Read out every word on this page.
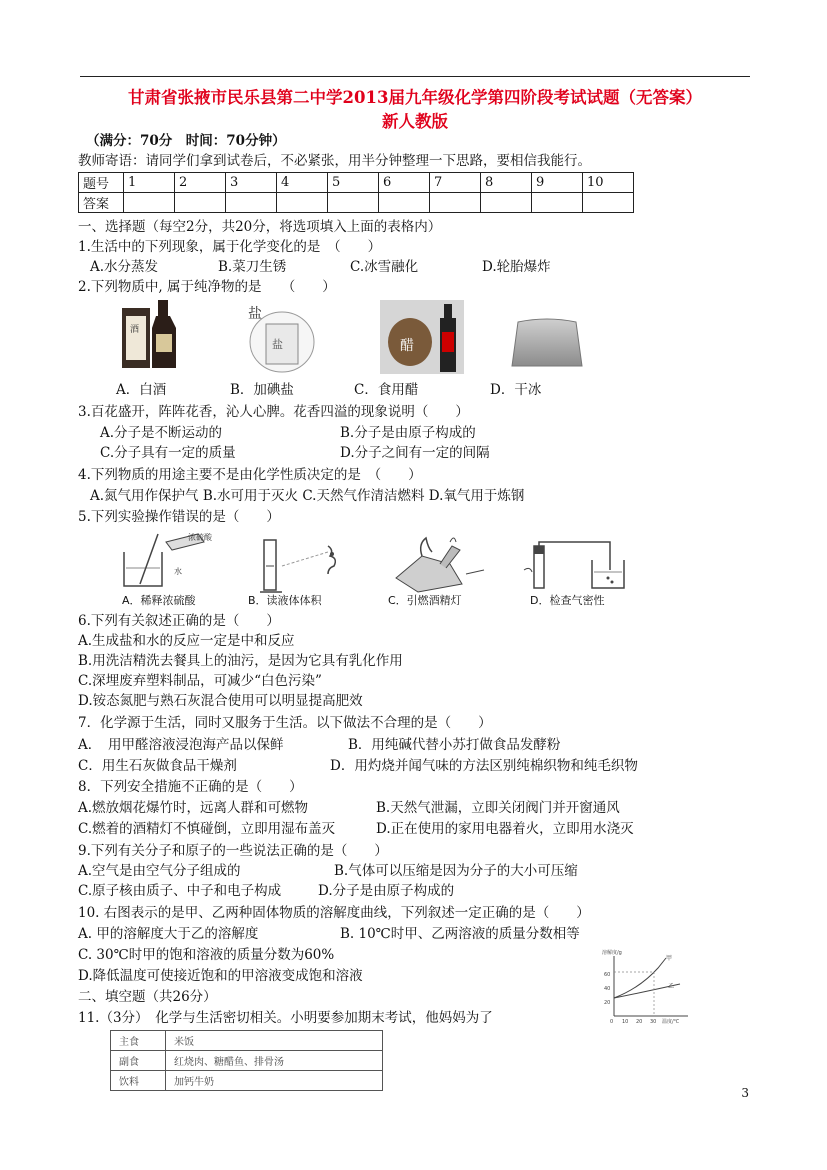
甘肃省张掖市民乐县第二中学2013届九年级化学第四阶段考试试题（无答案）
新人教版
（满分：70分　时间：70分钟）
教师寄语：请同学们拿到试卷后，不必紧张，用半分钟整理一下思路，要相信我能行。
题号	1	2	3	4	5	6	7	8	9	10
答案										
一、选择题（每空2分，共20分，将选项填入上面的表格内）
1.生活中的下列现象，属于化学变化的是　（　　）
A.水分蒸发	B.菜刀生锈	C.冰雪融化	D.轮胎爆炸
2.下列物质中, 属于纯净物的是　　（　　）
酒
盐
盐	醋
A．白酒	B．加碘盐	C．食用醋	D．干冰
3.百花盛开，阵阵花香，沁人心脾。花香四溢的现象说明（　　）
A.分子是不断运动的	B.分子是由原子构成的
C.分子具有一定的质量	D.分子之间有一定的间隔
4.下列物质的用途主要不是由化学性质决定的是　（　　）
A.氮气用作保护气 B.水可用于灭火 C.天然气作清洁燃料 D.氧气用于炼钢
5.下列实验操作错误的是（　　）
浓硫酸
水
A．稀释浓硫酸	B．读液体体积	C．引燃酒精灯	D．检查气密性
6.下列有关叙述正确的是（　　）
A.生成盐和水的反应一定是中和反应
B.用洗洁精洗去餐具上的油污，是因为它具有乳化作用
C.深埋废弃塑料制品，可减少“白色污染”
D.铵态氮肥与熟石灰混合使用可以明显提高肥效
7．化学源于生活，同时又服务于生活。以下做法不合理的是（　　）
A．　用甲醛溶液浸泡海产品以保鲜	B．用纯碱代替小苏打做食品发酵粉
C．用生石灰做食品干燥剂	D．用灼烧并闻气味的方法区别纯棉织物和纯毛织物
8．下列安全措施不正确的是（　　）
A.燃放烟花爆竹时，远离人群和可燃物	B.天然气泄漏，立即关闭阀门并开窗通风
C.燃着的酒精灯不慎碰倒，立即用湿布盖灭	D.正在使用的家用电器着火，立即用水浇灭
9.下列有关分子和原子的一些说法正确的是（　　）
A.空气是由空气分子组成的	B.气体可以压缩是因为分子的大小可压缩
C.原子核由质子、中子和电子构成	D.分子是由原子构成的
10. 右图表示的是甲、乙两种固体物质的溶解度曲线，下列叙述一定正确的是（　　）
A. 甲的溶解度大于乙的溶解度	B. 10℃时甲、乙两溶液的质量分数相等
C. 30℃时甲的饱和溶液的质量分数为60%
D.降低温度可使接近饱和的甲溶液变成饱和溶液
溶解度/g
60
40
20
0 10 20 30 温度/℃
甲
乙
二、填空题（共26分）
11.（3分）　化学与生活密切相关。小明要参加期末考试，他妈妈为了
主食	米饭
副食	红烧肉、糖醋鱼、排骨汤
饮料	加钙牛奶
3
